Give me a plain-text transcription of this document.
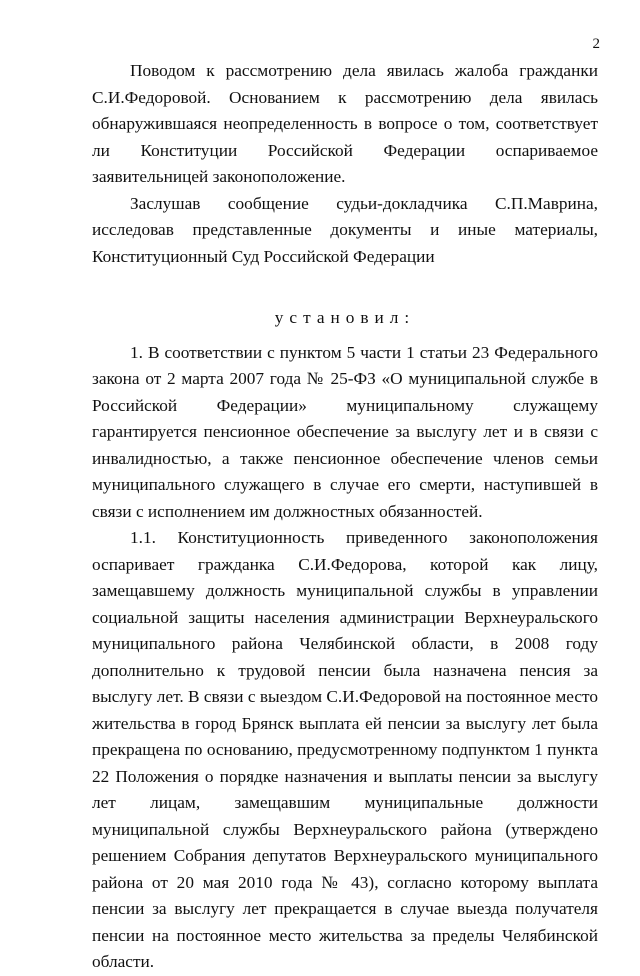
2

Поводом к рассмотрению дела явилась жалоба гражданки С.И.Федоровой. Основанием к рассмотрению дела явилась обнаружившаяся неопределенность в вопросе о том, соответствует ли Конституции Российской Федерации оспариваемое заявительницей законоположение.

Заслушав сообщение судьи-докладчика С.П.Маврина, исследовав представленные документы и иные материалы, Конституционный Суд Российской Федерации

установил:

1. В соответствии с пунктом 5 части 1 статьи 23 Федерального закона от 2 марта 2007 года № 25-ФЗ «О муниципальной службе в Российской Федерации» муниципальному служащему гарантируется пенсионное обеспечение за выслугу лет и в связи с инвалидностью, а также пенсионное обеспечение членов семьи муниципального служащего в случае его смерти, наступившей в связи с исполнением им должностных обязанностей.

1.1. Конституционность приведенного законоположения оспаривает гражданка С.И.Федорова, которой как лицу, замещавшему должность муниципальной службы в управлении социальной защиты населения администрации Верхнеуральского муниципального района Челябинской области, в 2008 году дополнительно к трудовой пенсии была назначена пенсия за выслугу лет. В связи с выездом С.И.Федоровой на постоянное место жительства в город Брянск выплата ей пенсии за выслугу лет была прекращена по основанию, предусмотренному подпунктом 1 пункта 22 Положения о порядке назначения и выплаты пенсии за выслугу лет лицам, замещавшим муниципальные должности муниципальной службы Верхнеуральского района (утверждено решением Собрания депутатов Верхнеуральского муниципального района от 20 мая 2010 года № 43), согласно которому выплата пенсии за выслугу лет прекращается в случае выезда получателя пенсии на постоянное место жительства за пределы Челябинской области.
